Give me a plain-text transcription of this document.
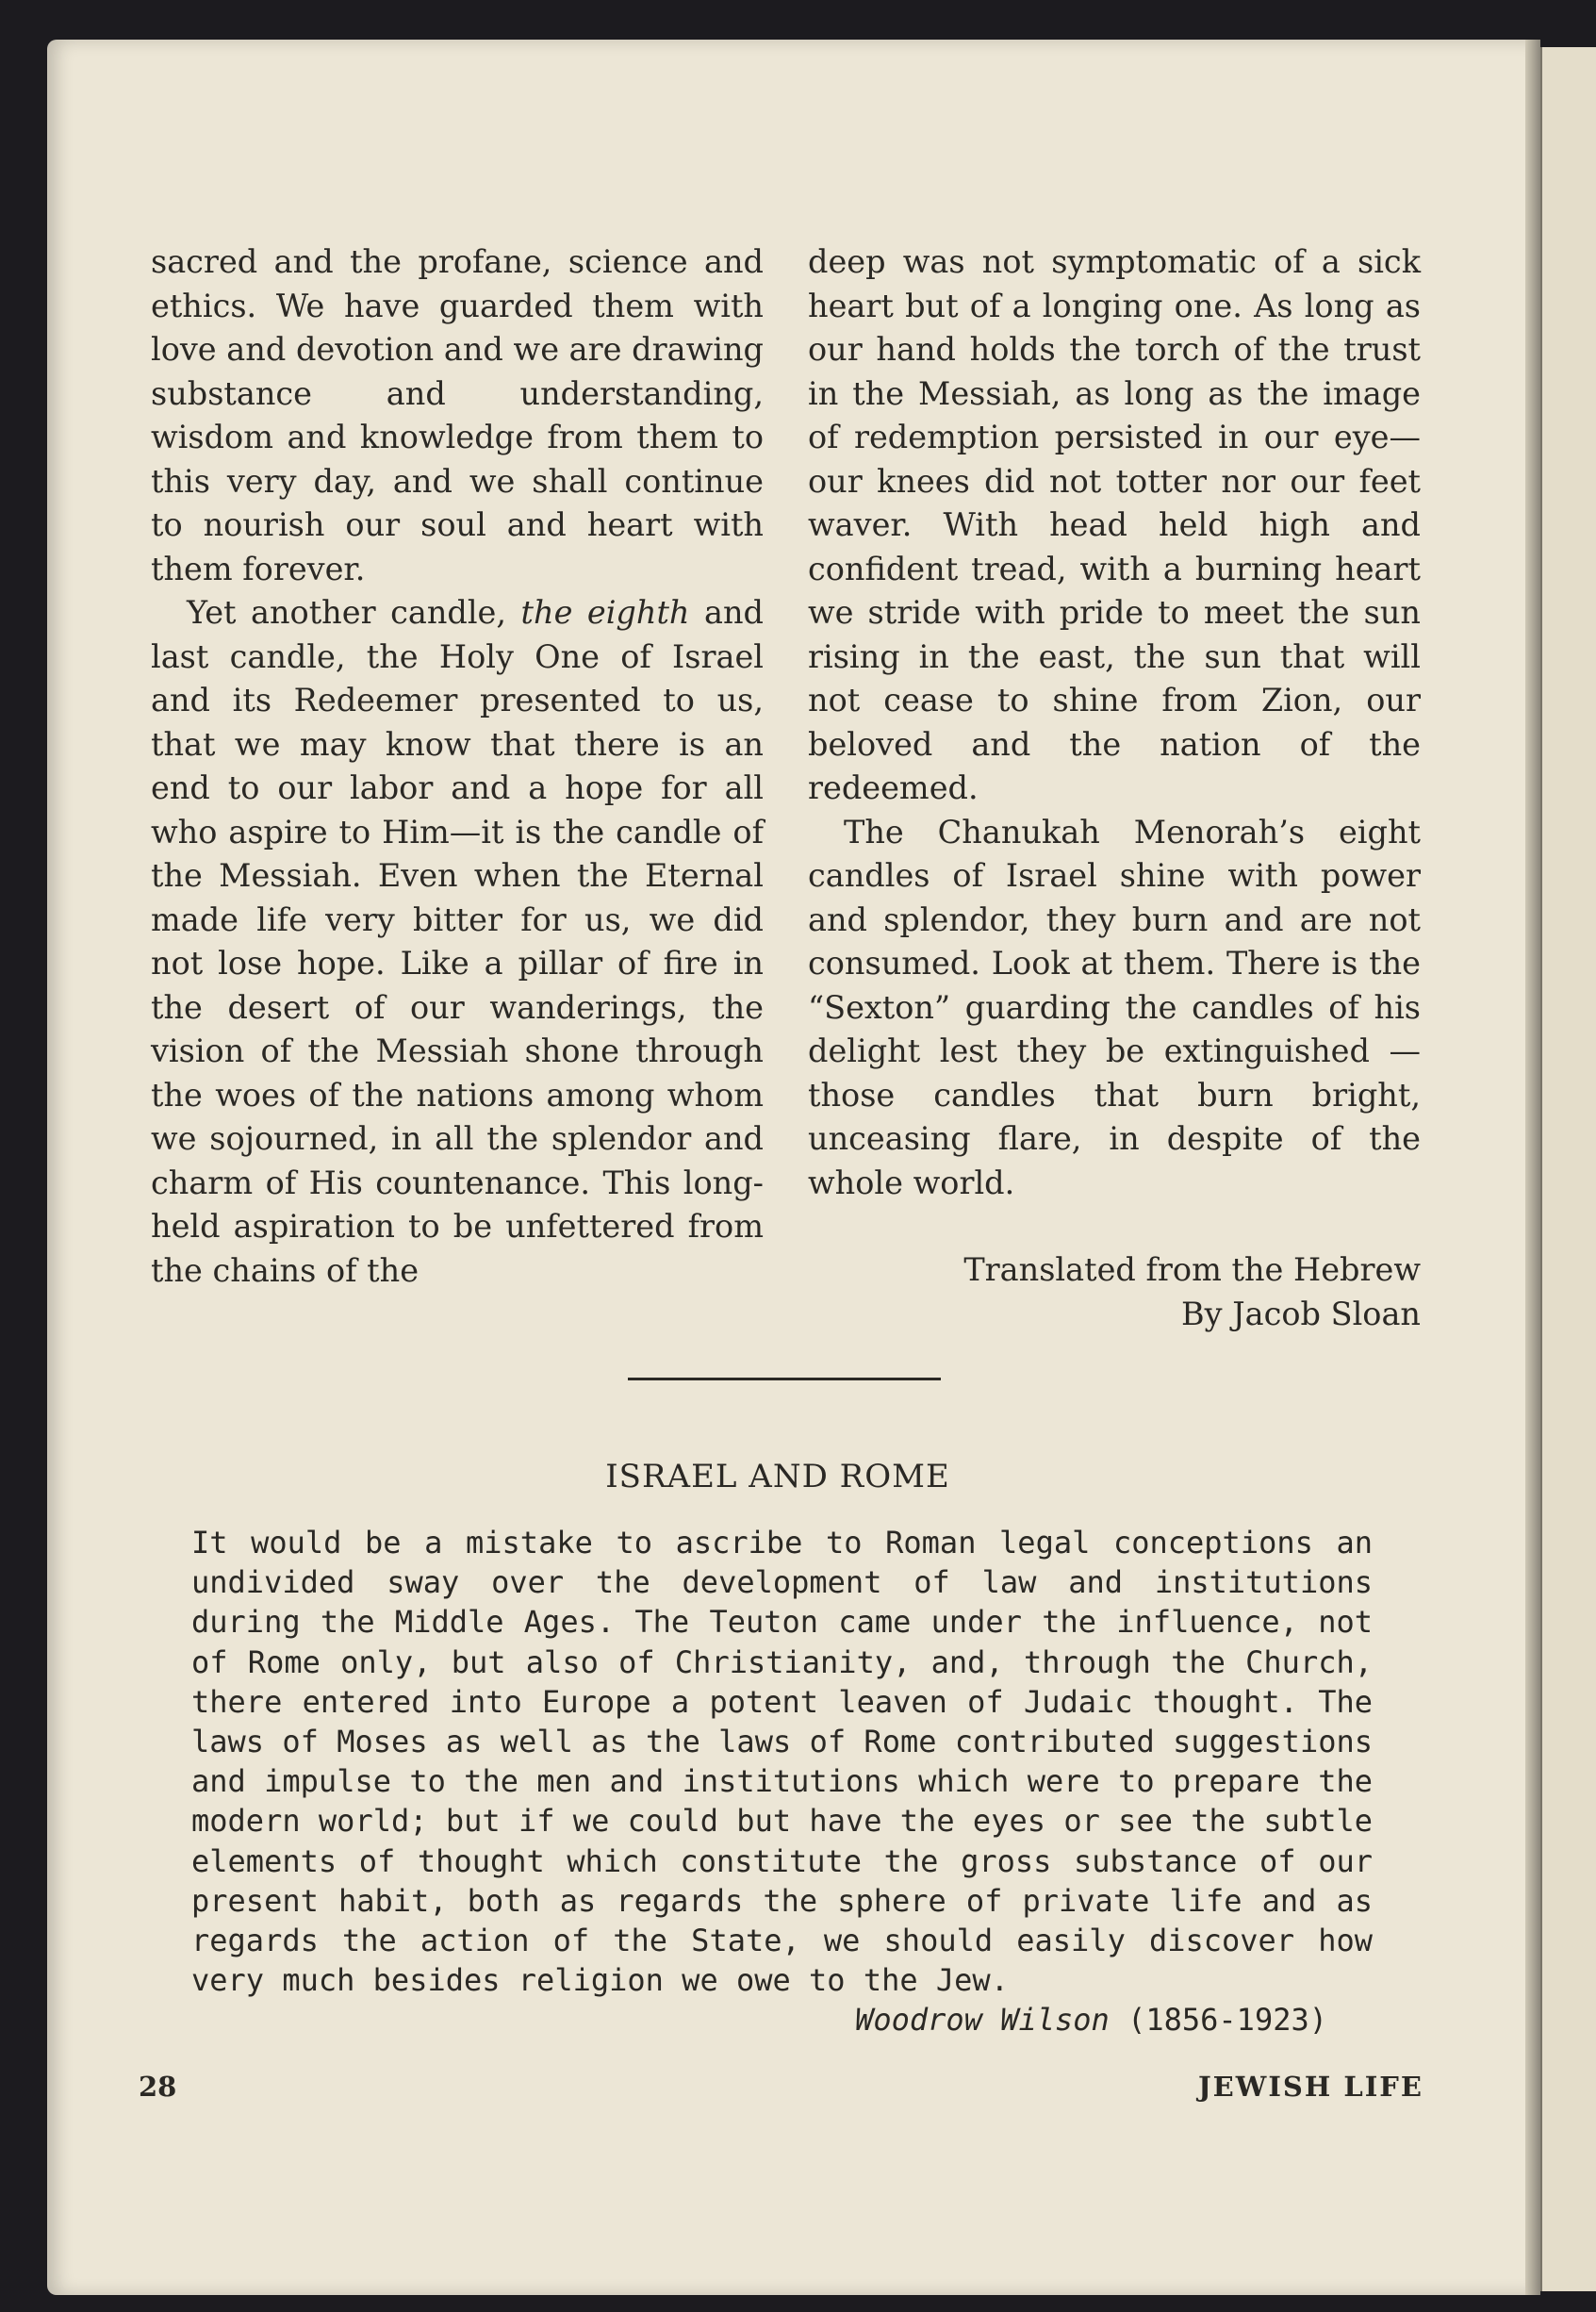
sacred and the profane, science and ethics. We have guarded them with love and devotion and we are drawing substance and understanding, wisdom and knowledge from them to this very day, and we shall continue to nourish our soul and heart with them forever.

Yet another candle, the eighth and last candle, the Holy One of Israel and its Redeemer presented to us, that we may know that there is an end to our labor and a hope for all who aspire to Him—it is the candle of the Messiah. Even when the Eternal made life very bitter for us, we did not lose hope. Like a pillar of fire in the desert of our wanderings, the vision of the Messiah shone through the woes of the nations among whom we sojourned, in all the splendor and charm of His countenance. This long-held aspiration to be unfettered from the chains of the

deep was not symptomatic of a sick heart but of a longing one. As long as our hand holds the torch of the trust in the Messiah, as long as the image of redemption persisted in our eye—our knees did not totter nor our feet waver. With head held high and confident tread, with a burning heart we stride with pride to meet the sun rising in the east, the sun that will not cease to shine from Zion, our beloved and the nation of the redeemed.

The Chanukah Menorah’s eight candles of Israel shine with power and splendor, they burn and are not consumed. Look at them. There is the “Sexton” guarding the candles of his delight lest they be extinguished — those candles that burn bright, unceasing flare, in despite of the whole world.

Translated from the Hebrew
By Jacob Sloan

ISRAEL AND ROME

It would be a mistake to ascribe to Roman legal conceptions an undivided sway over the development of law and institutions during the Middle Ages. The Teuton came under the influence, not of Rome only, but also of Christianity, and, through the Church, there entered into Europe a potent leaven of Judaic thought. The laws of Moses as well as the laws of Rome contributed suggestions and impulse to the men and institutions which were to prepare the modern world; but if we could but have the eyes or see the subtle elements of thought which constitute the gross substance of our present habit, both as regards the sphere of private life and as regards the action of the State, we should easily discover how very much besides religion we owe to the Jew.

Woodrow Wilson (1856-1923)

28	JEWISH LIFE
